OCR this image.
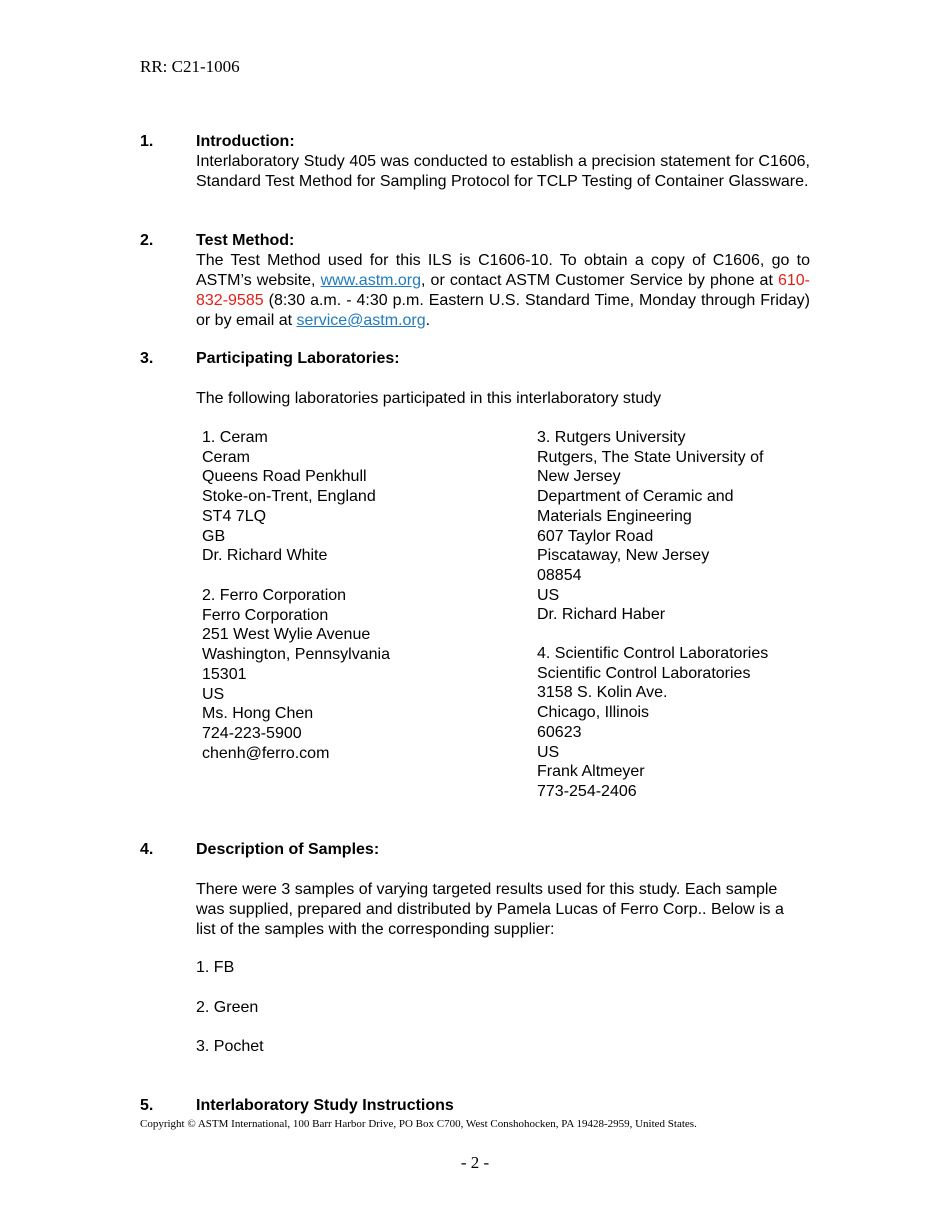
RR: C21-1006
1.	Introduction:
Interlaboratory Study 405 was conducted to establish a precision statement for C1606, Standard Test Method for Sampling Protocol for TCLP Testing of Container Glassware.
2.	Test Method:
The Test Method used for this ILS is C1606-10. To obtain a copy of C1606, go to ASTM’s website, www.astm.org, or contact ASTM Customer Service by phone at 610-832-9585 (8:30 a.m. - 4:30 p.m. Eastern U.S. Standard Time, Monday through Friday) or by email at service@astm.org.
3.	Participating Laboratories:
The following laboratories participated in this interlaboratory study
1. Ceram
Ceram
Queens Road Penkhull
Stoke-on-Trent, England
ST4 7LQ
GB
Dr. Richard White
2. Ferro Corporation
Ferro Corporation
251 West Wylie Avenue
Washington, Pennsylvania
15301
US
Ms. Hong Chen
724-223-5900
chenh@ferro.com
3. Rutgers University
Rutgers, The State University of
New Jersey
Department of Ceramic and
Materials Engineering
607 Taylor Road
Piscataway, New Jersey
08854
US
Dr. Richard Haber
4. Scientific Control Laboratories
Scientific Control Laboratories
3158 S. Kolin Ave.
Chicago, Illinois
60623
US
Frank Altmeyer
773-254-2406
4.	Description of Samples:
There were 3 samples of varying targeted results used for this study. Each sample was supplied, prepared and distributed by Pamela Lucas of Ferro Corp.. Below is a list of the samples with the corresponding supplier:
1. FB
2. Green
3. Pochet
5.	Interlaboratory Study Instructions
Copyright © ASTM International, 100 Barr Harbor Drive, PO Box C700, West Conshohocken, PA 19428-2959, United States.
- 2 -
